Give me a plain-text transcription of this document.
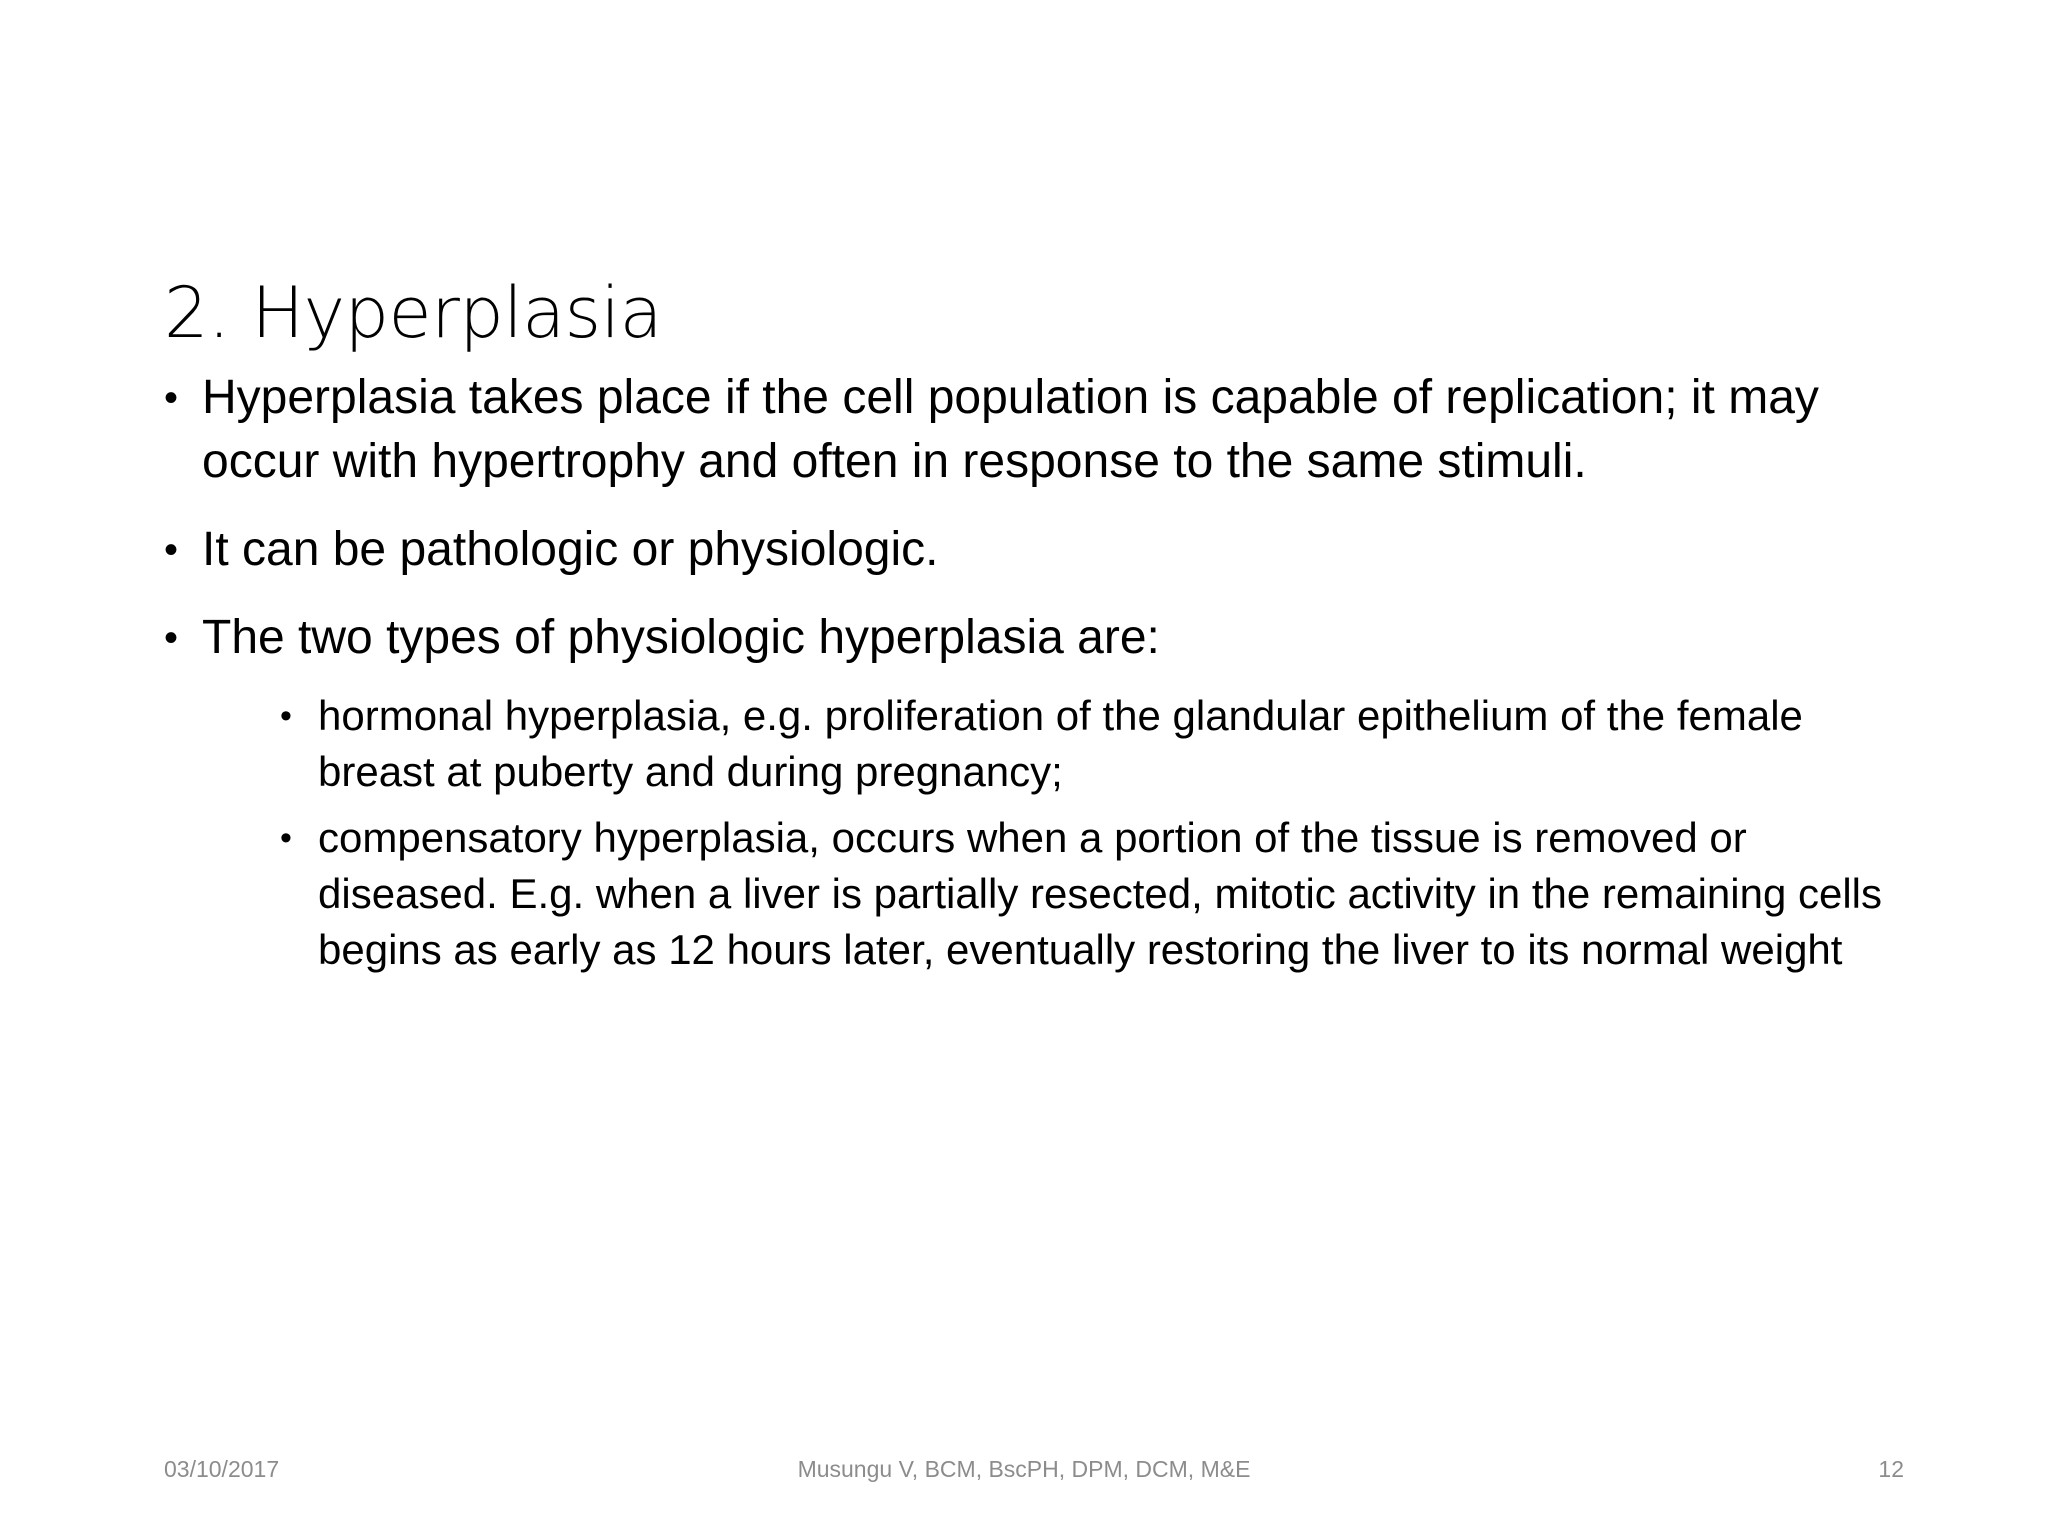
2. Hyperplasia
• Hyperplasia takes place if the cell population is capable of replication; it may occur with hypertrophy and often in response to the same stimuli.
• It can be pathologic or physiologic.
• The two types of physiologic hyperplasia are:
• hormonal hyperplasia, e.g. proliferation of the glandular epithelium of the female breast at puberty and during pregnancy;
• compensatory hyperplasia, occurs when a portion of the tissue is removed or diseased. E.g. when a liver is partially resected, mitotic activity in the remaining cells begins as early as 12 hours later, eventually restoring the liver to its normal weight
03/10/2017	Musungu V, BCM, BscPH, DPM, DCM, M&E	12
